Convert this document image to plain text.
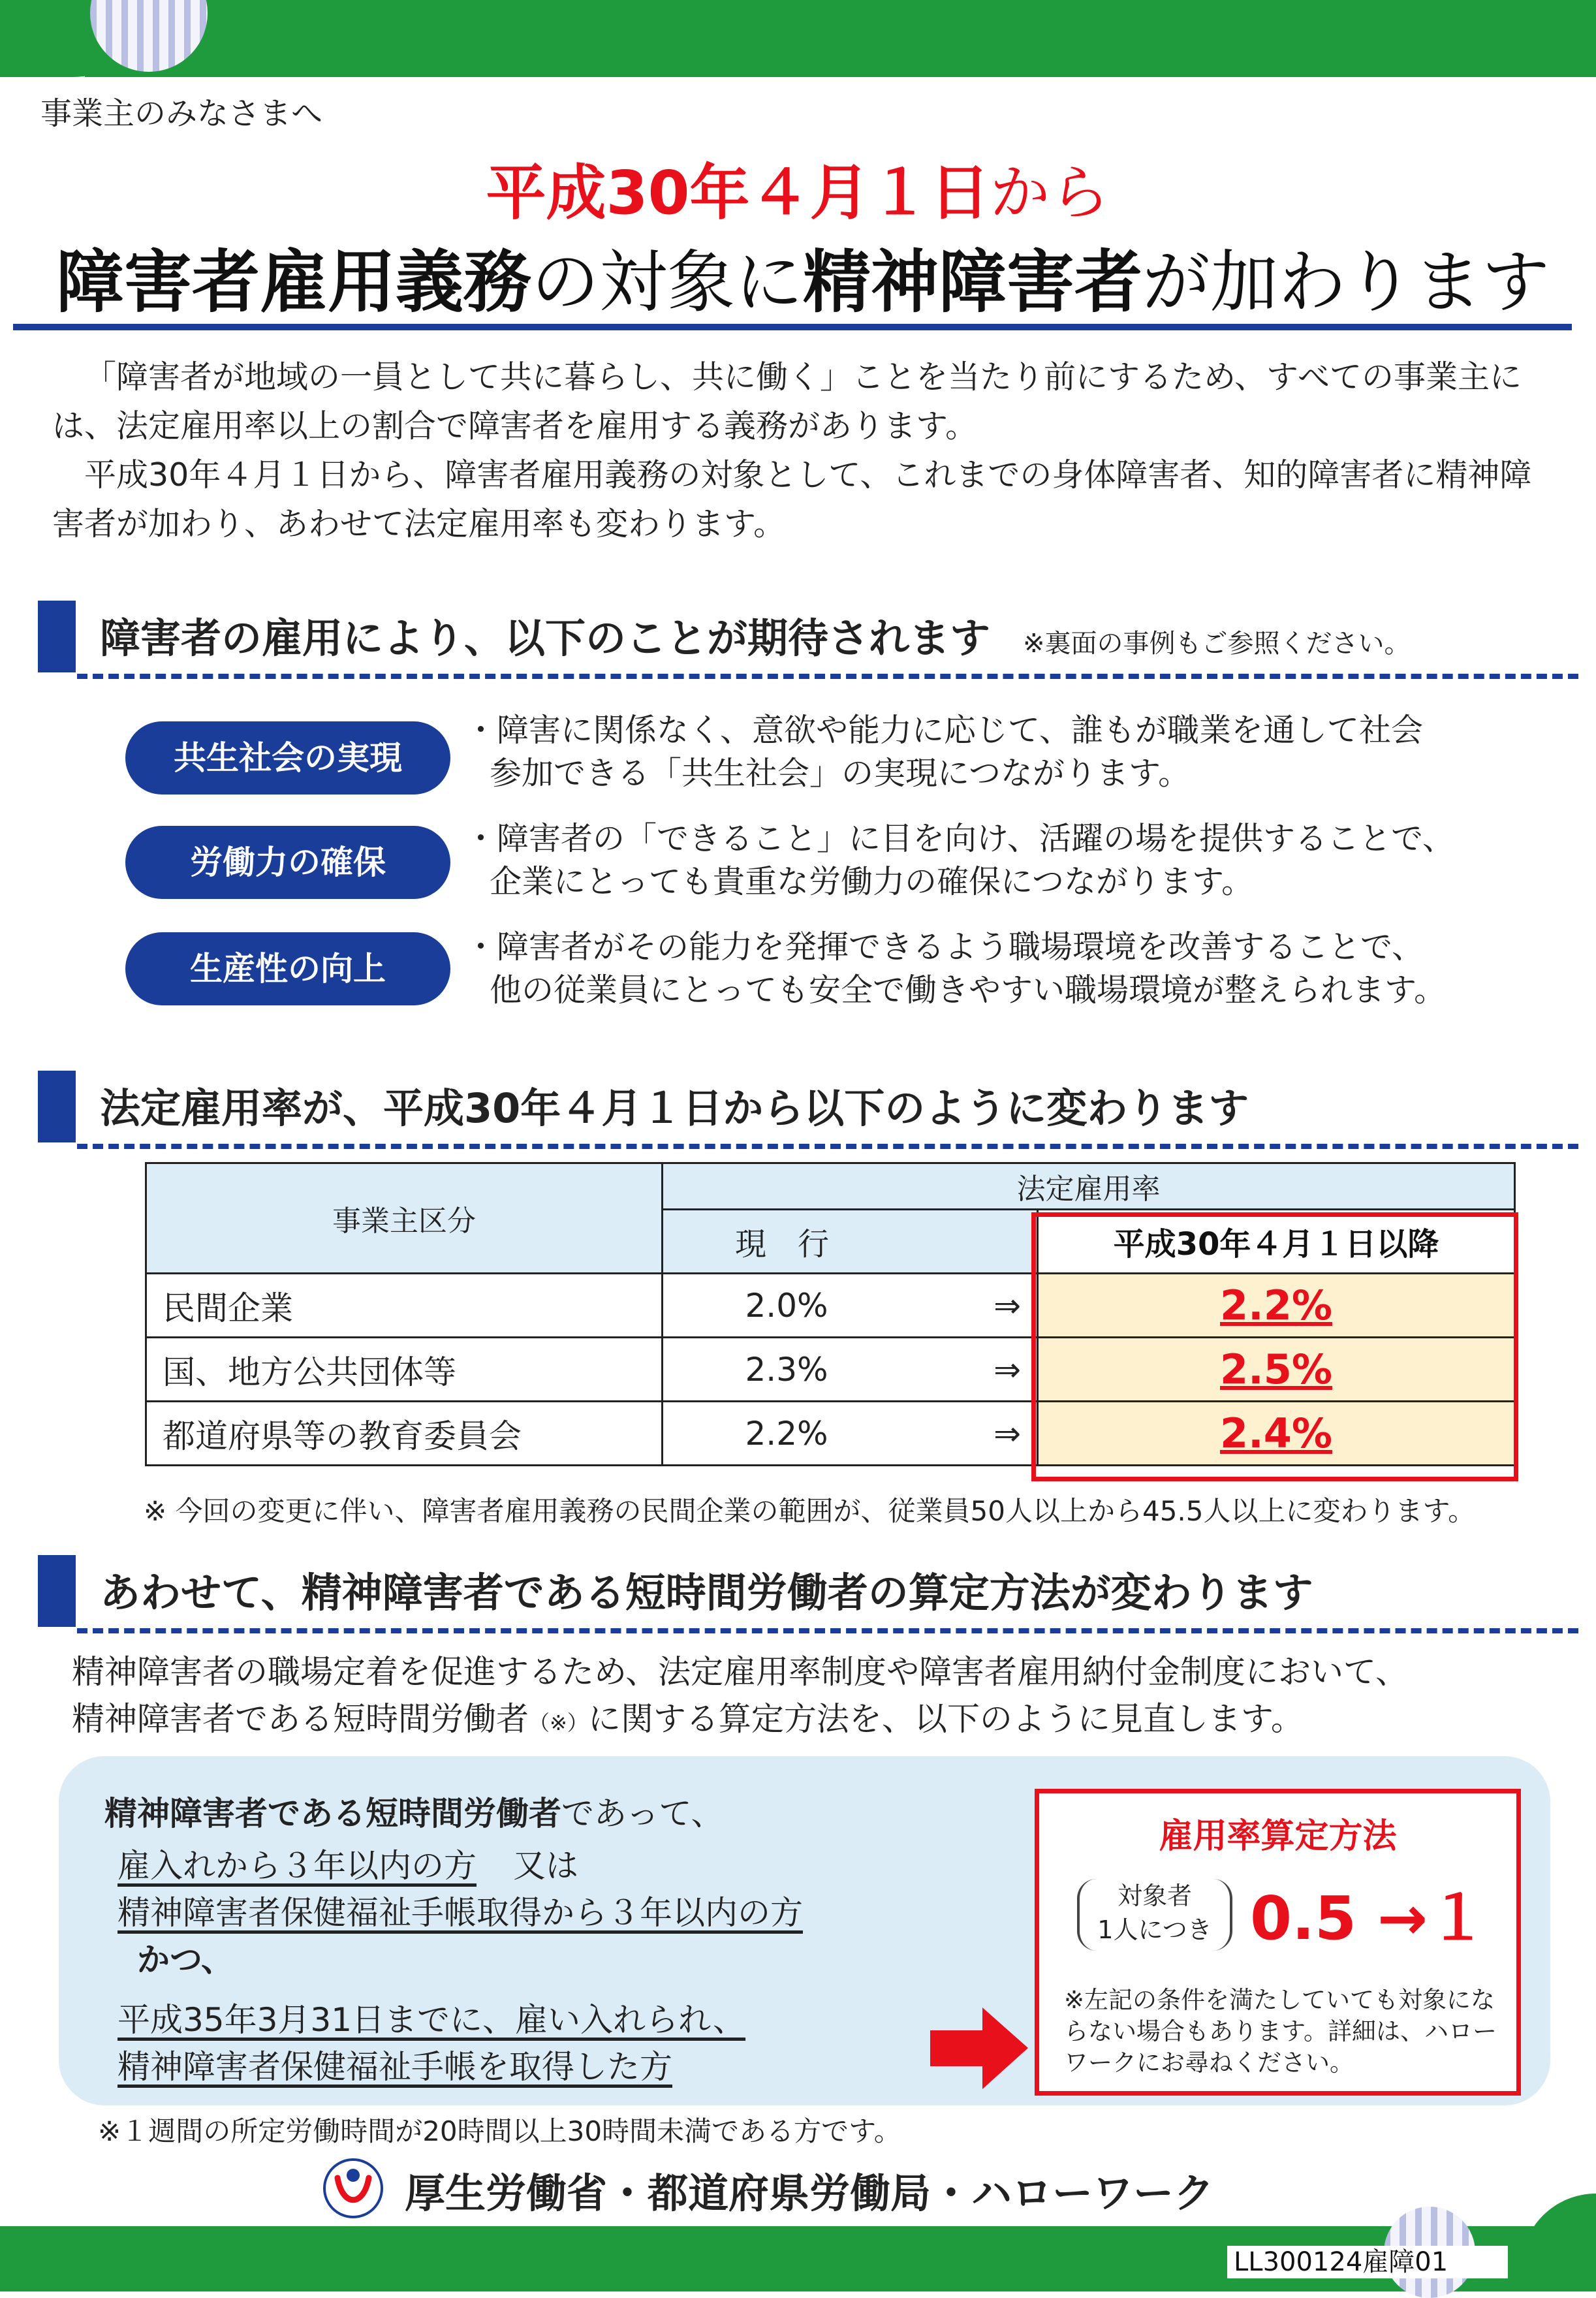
事業主のみなさまへ
平成30年４月１日から
障害者雇用義務の対象に精神障害者が加わります

「障害者が地域の一員として共に暮らし、共に働く」ことを当たり前にするため、すべての事業主には、法定雇用率以上の割合で障害者を雇用する義務があります。

平成30年４月１日から、障害者雇用義務の対象として、これまでの身体障害者、知的障害者に精神障害者が加わり、あわせて法定雇用率も変わります。

障害者の雇用により、以下のことが期待されます ※裏面の事例もご参照ください。
共生社会の実現
・障害に関係なく、意欲や能力に応じて、誰もが職業を通して社会
参加できる「共生社会」の実現につながります。
労働力の確保
・障害者の「できること」に目を向け、活躍の場を提供することで、
企業にとっても貴重な労働力の確保につながります。
生産性の向上
・障害者がその能力を発揮できるよう職場環境を改善することで、
他の従業員にとっても安全で働きやすい職場環境が整えられます。
法定雇用率が、平成30年４月１日から以下のように変わります
事業主区分	法定雇用率		
	現　行		平成30年４月１日以降
民間企業	2.0%	⇒	2.2%
国、地方公共団体等	2.3%	⇒	2.5%
都道府県等の教育委員会	2.2%	⇒	2.4%
※ 今回の変更に伴い、障害者雇用義務の民間企業の範囲が、従業員50人以上から45.5人以上に変わります。
あわせて、精神障害者である短時間労働者の算定方法が変わります
精神障害者の職場定着を促進するため、法定雇用率制度や障害者雇用納付金制度において、
精神障害者である短時間労働者（※）に関する算定方法を、以下のように見直します。
精神障害者である短時間労働者であって、
雇入れから３年以内の方 又は
精神障害者保健福祉手帳取得から３年以内の方
かつ、
平成35年3月31日までに、雇い入れられ、
精神障害者保健福祉手帳を取得した方
雇用率算定方法
対象者
1人につき 0.5 →１
※左記の条件を満たしていても対象にならない場合もあります。詳細は、ハローワークにお尋ねください。
※１週間の所定労働時間が20時間以上30時間未満である方です。
厚生労働省・都道府県労働局・ハローワーク
LL300124雇障01
